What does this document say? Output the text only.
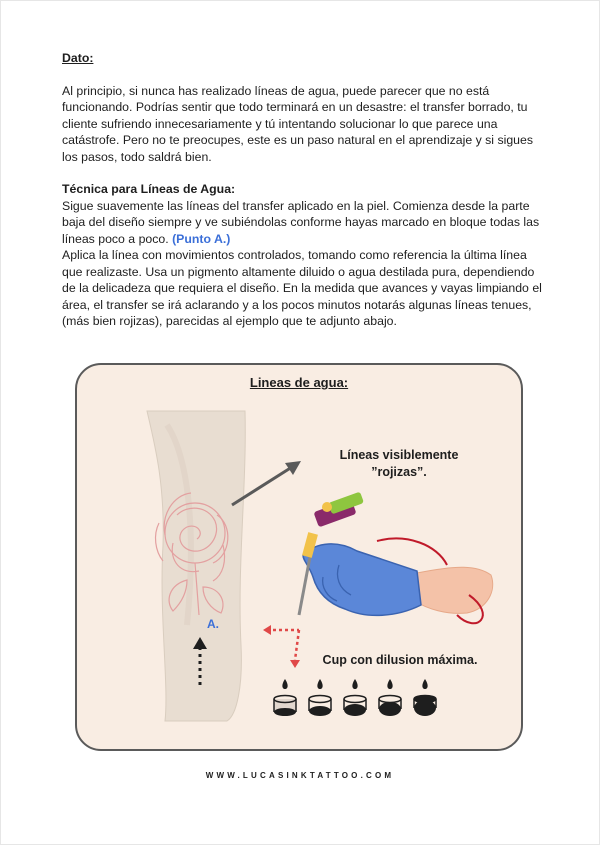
Dato:

Al principio, si nunca has realizado líneas de agua, puede parecer que no está funcionando. Podrías sentir que todo terminará en un desastre: el transfer borrado, tu cliente sufriendo innecesariamente y tú intentando solucionar lo que parece una catástrofe. Pero no te preocupes, este es un paso natural en el aprendizaje y si sigues los pasos, todo saldrá bien.

Técnica para Líneas de Agua:

Sigue suavemente las líneas del transfer aplicado en la piel. Comienza desde la parte baja del diseño siempre y ve subiéndolas conforme hayas marcado en bloque todas las líneas poco a poco. (Punto A.)

Aplica la línea con movimientos controlados, tomando como referencia la última línea que realizaste. Usa un pigmento altamente diluido o agua destilada pura, dependiendo de la delicadeza que requiera el diseño. En la medida que avances y vayas limpiando el área, el transfer se irá aclarando y a los pocos minutos notarás algunas líneas tenues, (más bien rojizas), parecidas al ejemplo que te adjunto abajo.

Lineas de agua:
Líneas visiblemente
”rojizas”.
Cup con dilusion máxima.
A.
WWW.LUCASINKTATTOO.COM
